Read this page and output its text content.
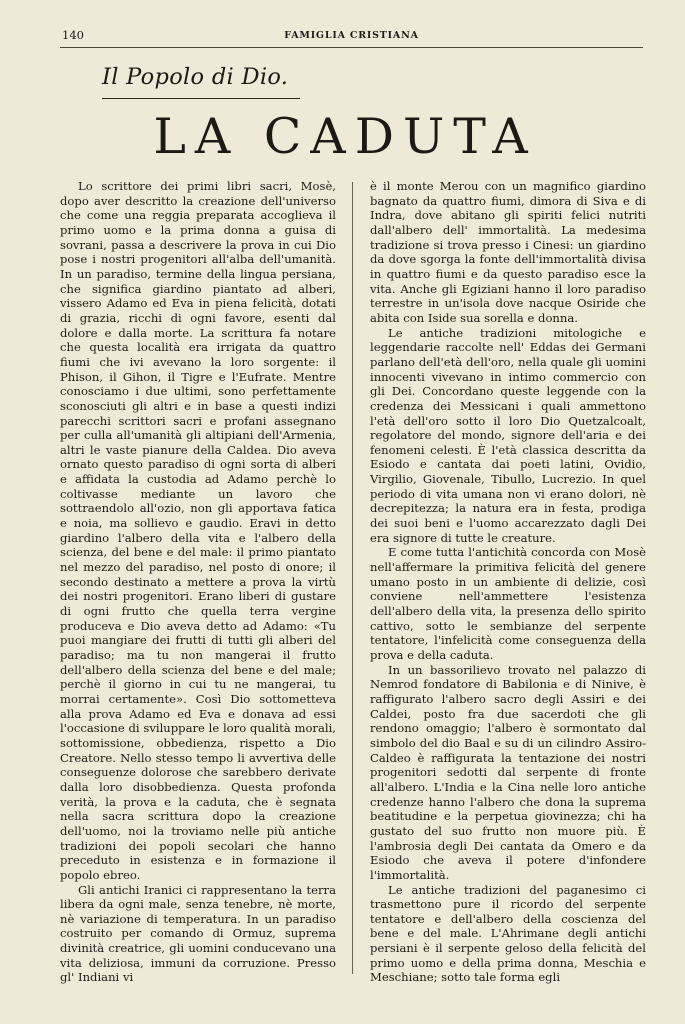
140	FAMIGLIA CRISTIANA
Il Popolo di Dio.
LA CADUTA

Lo scrittore dei primi libri sacri, Mosè, dopo aver descritto la creazione dell'universo che come una reggia preparata accoglieva il primo uomo e la prima donna a guisa di sovrani, passa a descrivere la prova in cui Dio pose i nostri progenitori all'alba dell'umanità. In un paradiso, termine della lingua persiana, che significa giardino piantato ad alberi, vissero Adamo ed Eva in piena felicità, dotati di grazia, ricchi di ogni favore, esenti dal dolore e dalla morte. La scrittura fa notare che questa località era irrigata da quattro fiumi che ivi avevano la loro sorgente: il Phison, il Gihon, il Tigre e l'Eufrate. Mentre conosciamo i due ultimi, sono perfettamente sconosciuti gli altri e in base a questi indizi parecchi scrittori sacri e profani assegnano per culla all'umanità gli altipiani dell'Armenia, altri le vaste pianure della Caldea. Dio aveva ornato questo paradiso di ogni sorta di alberi e affidata la custodia ad Adamo perchè lo coltivasse mediante un lavoro che sottraendolo all'ozio, non gli apportava fatica e noia, ma sollievo e gaudio. Eravi in detto giardino l'albero della vita e l'albero della scienza, del bene e del male: il primo piantato nel mezzo del paradiso, nel posto di onore; il secondo destinato a mettere a prova la virtù dei nostri progenitori. Erano liberi di gustare di ogni frutto che quella terra vergine produceva e Dio aveva detto ad Adamo: «Tu puoi mangiare dei frutti di tutti gli alberi del paradiso; ma tu non mangerai il frutto dell'albero della scienza del bene e del male; perchè il giorno in cui tu ne mangerai, tu morrai certamente». Così Dio sottometteva alla prova Adamo ed Eva e donava ad essi l'occasione di sviluppare le loro qualità morali, sottomissione, obbedienza, rispetto a Dio Creatore. Nello stesso tempo li avvertiva delle conseguenze dolorose che sarebbero derivate dalla loro disobbedienza. Questa profonda verità, la prova e la caduta, che è segnata nella sacra scrittura dopo la creazione dell'uomo, noi la troviamo nelle più antiche tradizioni dei popoli secolari che hanno preceduto in esistenza e in formazione il popolo ebreo.

Gli antichi Iranici ci rappresentano la terra libera da ogni male, senza tenebre, nè morte, nè variazione di temperatura. In un paradiso costruito per comando di Ormuz, suprema divinità creatrice, gli uomini conducevano una vita deliziosa, immuni da corruzione. Presso gl' Indiani vi

è il monte Merou con un magnifico giardino bagnato da quattro fiumi, dimora di Siva e di Indra, dove abitano gli spiriti felici nutriti dall'albero dell' immortalità. La medesima tradizione si trova presso i Cinesi: un giardino da dove sgorga la fonte dell'immortalità divisa in quattro fiumi e da questo paradiso esce la vita. Anche gli Egiziani hanno il loro paradiso terrestre in un'isola dove nacque Osiride che abita con Iside sua sorella e donna.

Le antiche tradizioni mitologiche e leggendarie raccolte nell' Eddas dei Germani parlano dell'età dell'oro, nella quale gli uomini innocenti vivevano in intimo commercio con gli Dei. Concordano queste leggende con la credenza dei Messicani i quali ammettono l'età dell'oro sotto il loro Dio Quetzalcoalt, regolatore del mondo, signore dell'aria e dei fenomeni celesti. È l'età classica descritta da Esiodo e cantata dai poeti latini, Ovidio, Virgilio, Giovenale, Tibullo, Lucrezio. In quel periodo di vita umana non vi erano dolori, nè decrepitezza; la natura era in festa, prodiga dei suoi beni e l'uomo accarezzato dagli Dei era signore di tutte le creature.

E come tutta l'antichità concorda con Mosè nell'affermare la primitiva felicità del genere umano posto in un ambiente di delizie, così conviene nell'ammettere l'esistenza dell'albero della vita, la presenza dello spirito cattivo, sotto le sembianze del serpente tentatore, l'infelicità come conseguenza della prova e della caduta.

In un bassorilievo trovato nel palazzo di Nemrod fondatore di Babilonia e di Ninive, è raffigurato l'albero sacro degli Assiri e dei Caldei, posto fra due sacerdoti che gli rendono omaggio; l'albero è sormontato dal simbolo del dio Baal e su di un cilindro Assiro-Caldeo è raffigurata la tentazione dei nostri progenitori sedotti dal serpente di fronte all'albero. L'India e la Cina nelle loro antiche credenze hanno l'albero che dona la suprema beatitudine e la perpetua giovinezza; chi ha gustato del suo frutto non muore più. È l'ambrosia degli Dei cantata da Omero e da Esiodo che aveva il potere d'infondere l'immortalità.

Le antiche tradizioni del paganesimo ci trasmettono pure il ricordo del serpente tentatore e dell'albero della coscienza del bene e del male. L'Ahrimane degli antichi persiani è il serpente geloso della felicità del primo uomo e della prima donna, Meschia e Meschiane; sotto tale forma egli
